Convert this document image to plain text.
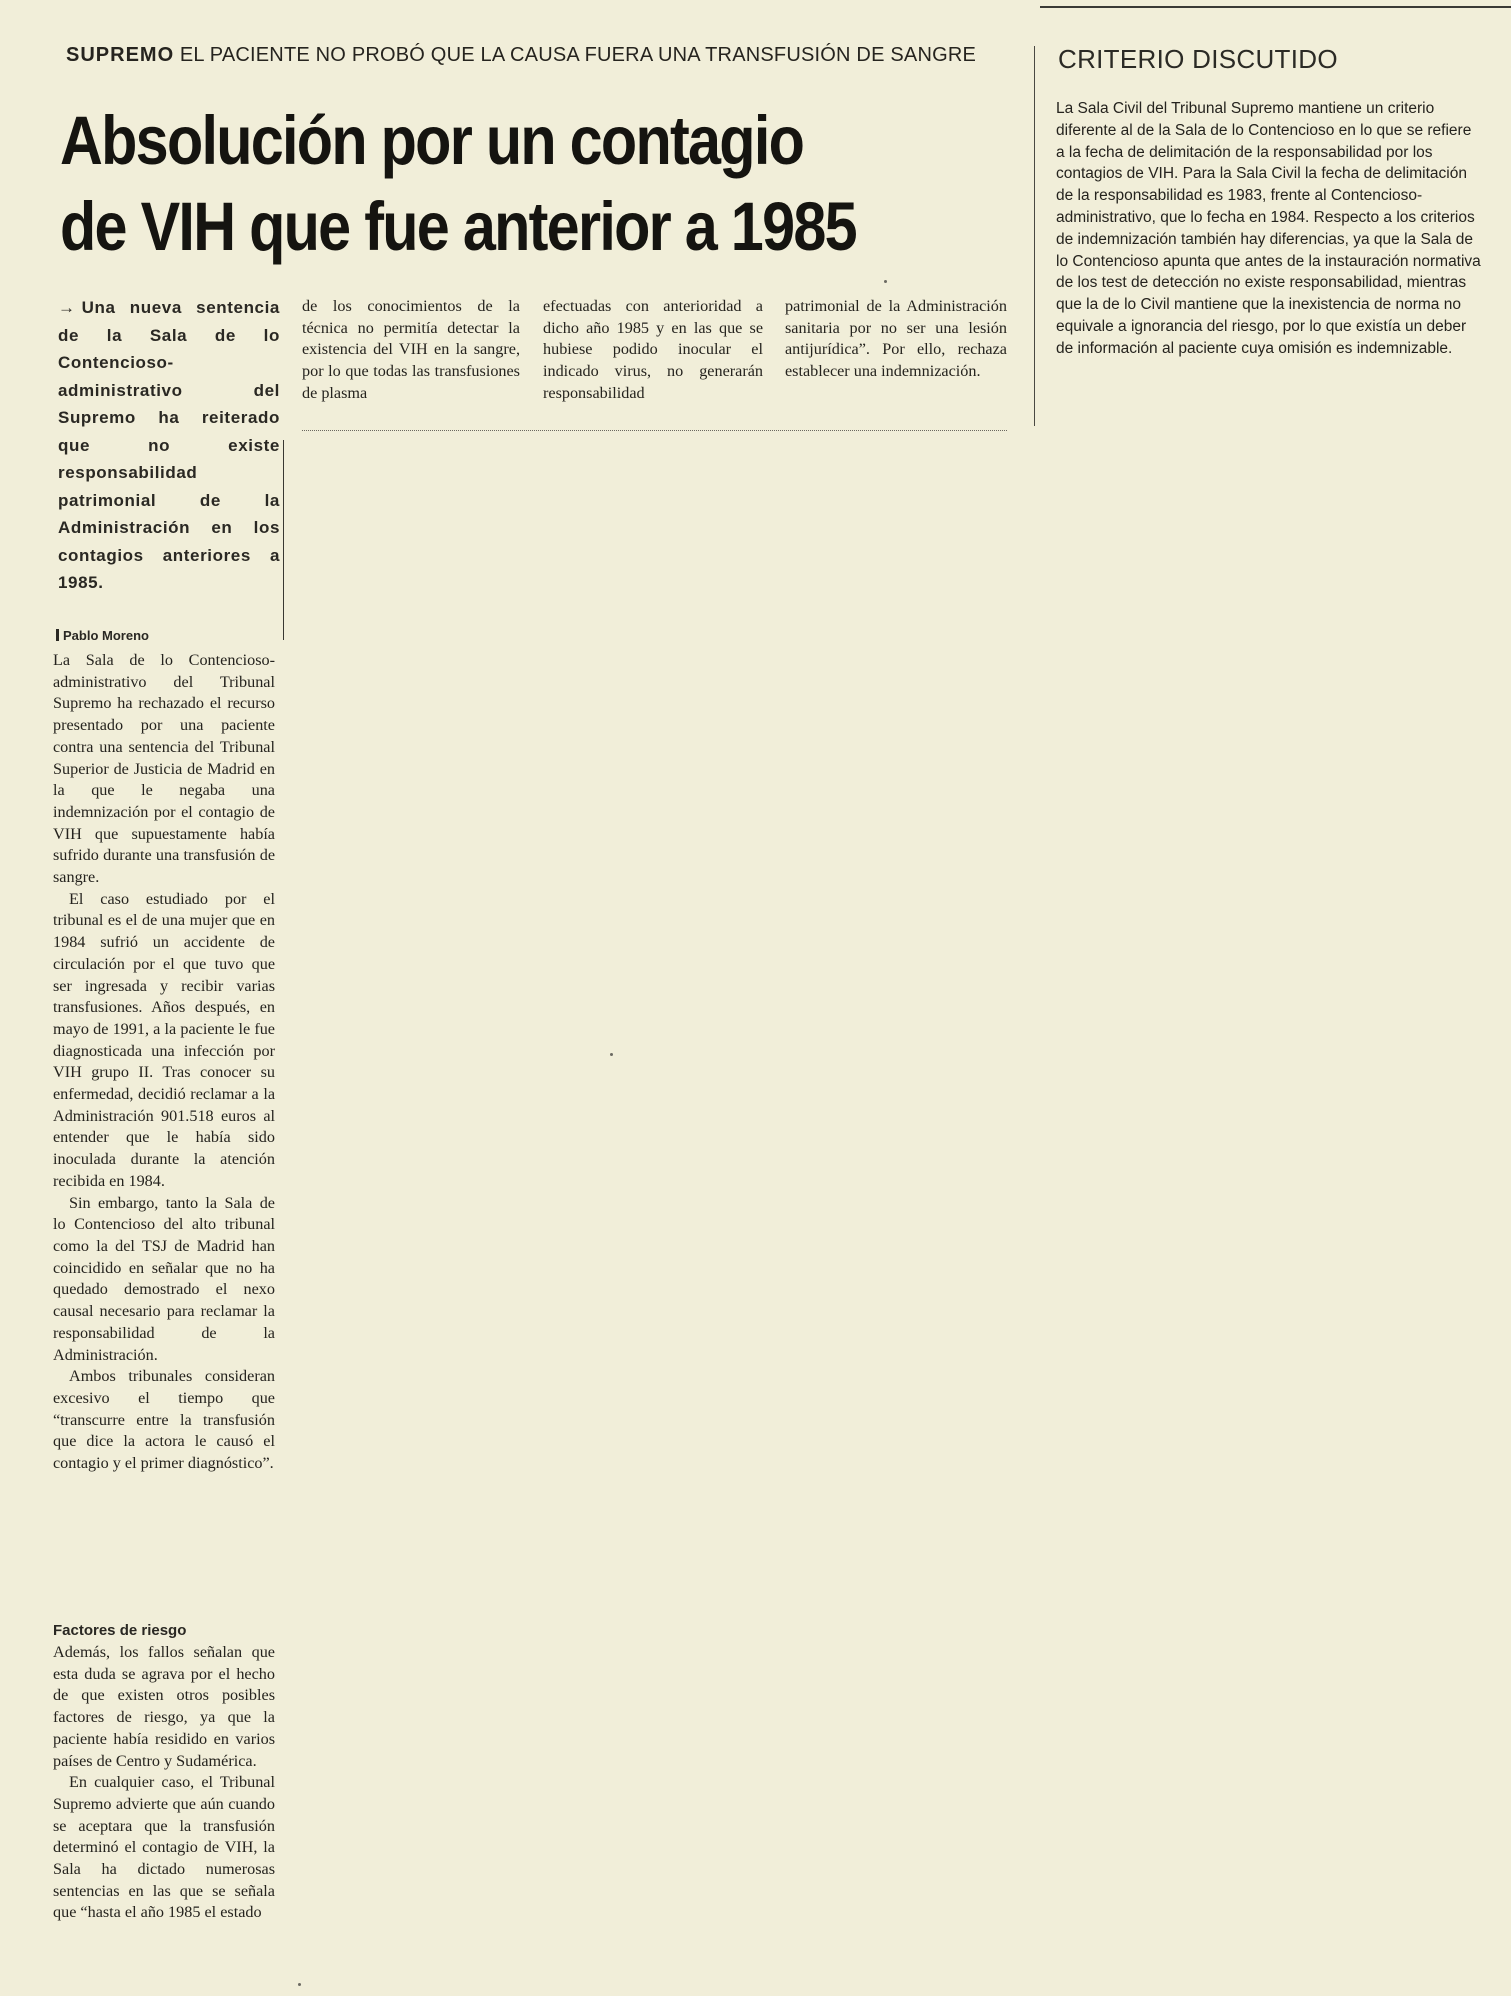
SUPREMO EL PACIENTE NO PROBÓ QUE LA CAUSA FUERA UNA TRANSFUSIÓN DE SANGRE
Absolución por un contagio
de VIH que fue anterior a 1985
CRITERIO DISCUTIDO

La Sala Civil del Tribunal Supremo mantiene un criterio diferente al de la Sala de lo Contencioso en lo que se refiere a la fecha de delimitación de la responsabilidad por los contagios de VIH. Para la Sala Civil la fecha de delimitación de la responsabilidad es 1983, frente al Contencioso-administrativo, que lo fecha en 1984. Respecto a los criterios de indemnización también hay diferencias, ya que la Sala de lo Contencioso apunta que antes de la instauración normativa de los test de detección no existe responsabilidad, mientras que la de lo Civil mantiene que la inexistencia de norma no equivale a ignorancia del riesgo, por lo que existía un deber de información al paciente cuya omisión es indemnizable.

→ Una nueva sentencia de la Sala de lo Contencioso-administrativo del Supremo ha reiterado que no existe responsabilidad patrimonial de la Administración en los contagios anteriores a 1985.

Pablo Moreno

La Sala de lo Contencioso-administrativo del Tribunal Supremo ha rechazado el recurso presentado por una paciente contra una sentencia del Tribunal Superior de Justicia de Madrid en la que le negaba una indemnización por el contagio de VIH que supuestamente había sufrido durante una transfusión de sangre.

El caso estudiado por el tribunal es el de una mujer que en 1984 sufrió un accidente de circulación por el que tuvo que ser ingresada y recibir varias transfusiones. Años después, en mayo de 1991, a la paciente le fue diagnosticada una infección por VIH grupo II. Tras conocer su enfermedad, decidió reclamar a la Administración 901.518 euros al entender que le había sido inoculada durante la atención recibida en 1984.

Sin embargo, tanto la Sala de lo Contencioso del alto tribunal como la del TSJ de Madrid han coincidido en señalar que no ha quedado demostrado el nexo causal necesario para reclamar la responsabilidad de la Administración.

Ambos tribunales consideran excesivo el tiempo que “transcurre entre la transfusión que dice la actora le causó el contagio y el primer diagnóstico”.

Factores de riesgo

Además, los fallos señalan que esta duda se agrava por el hecho de que existen otros posibles factores de riesgo, ya que la paciente había residido en varios países de Centro y Sudamérica.

En cualquier caso, el Tribunal Supremo advierte que aún cuando se aceptara que la transfusión determinó el contagio de VIH, la Sala ha dictado numerosas sentencias en las que se señala que “hasta el año 1985 el estado

de los conocimientos de la técnica no permitía detectar la existencia del VIH en la sangre, por lo que todas las transfusiones de plasma

efectuadas con anterioridad a dicho año 1985 y en las que se hubiese podido inocular el indicado virus, no generarán responsabilidad

patrimonial de la Administración sanitaria por no ser una lesión antijurídica”. Por ello, rechaza establecer una indemnización.
